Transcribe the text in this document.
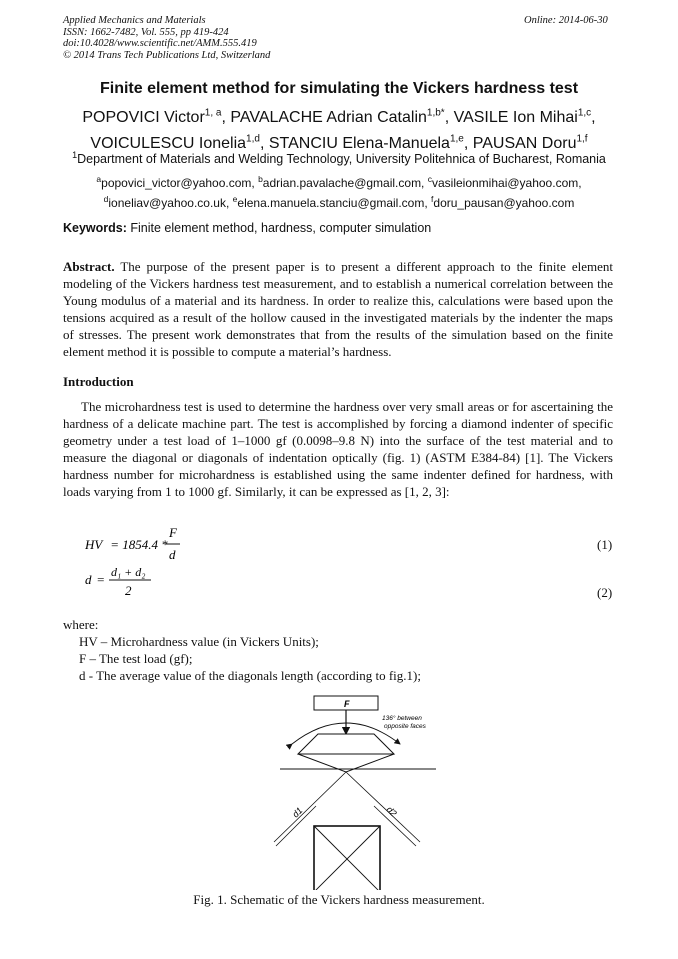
Applied Mechanics and Materials
ISSN: 1662-7482, Vol. 555, pp 419-424
doi:10.4028/www.scientific.net/AMM.555.419
© 2014 Trans Tech Publications Ltd, Switzerland
Online: 2014-06-30
Finite element method for simulating the Vickers hardness test
POPOVICI Victor$^{1, a}$, PAVALACHE Adrian Catalin$^{1,b*}$, VASILE Ion Mihai$^{1,c}$,
VOICULESCU Ionelia$^{1,d}$, STANCIU Elena-Manuela$^{1,e}$, PAUSAN Doru$^{1,f}$
$^1$Department of Materials and Welding Technology, University Politehnica of Bucharest, Romania
$^a$popovici_victor@yahoo.com, $^b$adrian.pavalache@gmail.com, $^c$vasileionmihai@yahoo.com,
$^d$ioneliav@yahoo.co.uk, $^e$elena.manuela.stanciu@gmail.com, $^f$doru_pausan@yahoo.com
Keywords: Finite element method, hardness, computer simulation
Abstract. The purpose of the present paper is to present a different approach to the finite element modeling of the Vickers hardness test measurement, and to establish a numerical correlation between the Young modulus of a material and its hardness. In order to realize this, calculations were based upon the tensions acquired as a result of the hollow caused in the investigated materials by the indenter the maps of stresses. The present work demonstrates that from the results of the simulation based on the finite element method it is possible to compute a material’s hardness.
Introduction
The microhardness test is used to determine the hardness over very small areas or for ascertaining the hardness of a delicate machine part. The test is accomplished by forcing a diamond indenter of specific geometry under a test load of 1–1000 gf (0.0098–9.8 N) into the surface of the test material and to measure the diagonal or diagonals of indentation optically (fig. 1) (ASTM E384-84) [1]. The Vickers hardness number for microhardness is established using the same indenter defined for hardness, with loads varying from 1 to 1000 gf. Similarly, it can be expressed as [1, 2, 3]:
HV = 1854.4 *
F
d
(1)
d = d₁ + d₂
2	(2)
where:
HV – Microhardness value (in Vickers Units);
F – The test load (gf);
d - The average value of the diagonals length (according to fig.1);
F
136° between
opposite faces
d1	d2
Fig. 1. Schematic of the Vickers hardness measurement.
